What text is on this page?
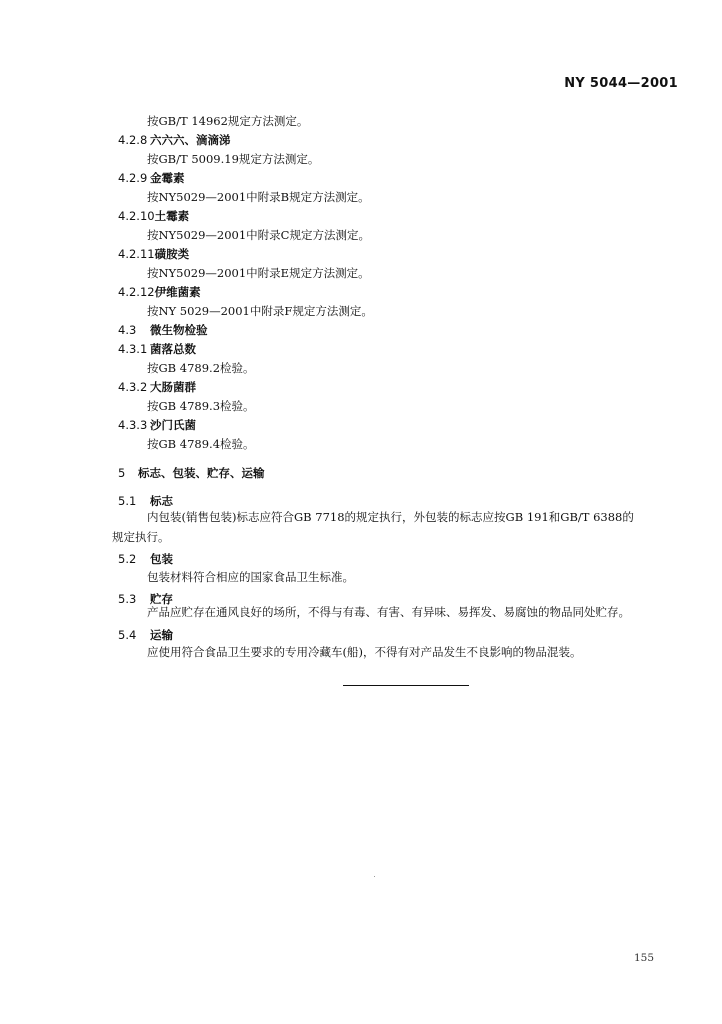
NY 5044—2001
按GB/T 14962规定方法测定。
4.2.8 六六六、滴滴涕
按GB/T 5009.19规定方法测定。
4.2.9 金霉素
按NY5029—2001中附录B规定方法测定。
4.2.10土霉素
按NY5029—2001中附录C规定方法测定。
4.2.11磺胺类
按NY5029—2001中附录E规定方法测定。
4.2.12伊维菌素
按NY 5029—2001中附录F规定方法测定。
4.3 微生物检验
4.3.1 菌落总数
按GB 4789.2检验。
4.3.2 大肠菌群
按GB 4789.3检验。
4.3.3 沙门氏菌
按GB 4789.4检验。
5 标志、包装、贮存、运输
5.1 标志
内包装(销售包装)标志应符合GB 7718的规定执行，外包装的标志应按GB 191和GB/T 6388的
规定执行。
5.2 包装
包装材料符合相应的国家食品卫生标准。
5.3 贮存
产品应贮存在通风良好的场所，不得与有毒、有害、有异味、易挥发、易腐蚀的物品同处贮存。
5.4 运输
应使用符合食品卫生要求的专用冷藏车(船)，不得有对产品发生不良影响的物品混装。
155
